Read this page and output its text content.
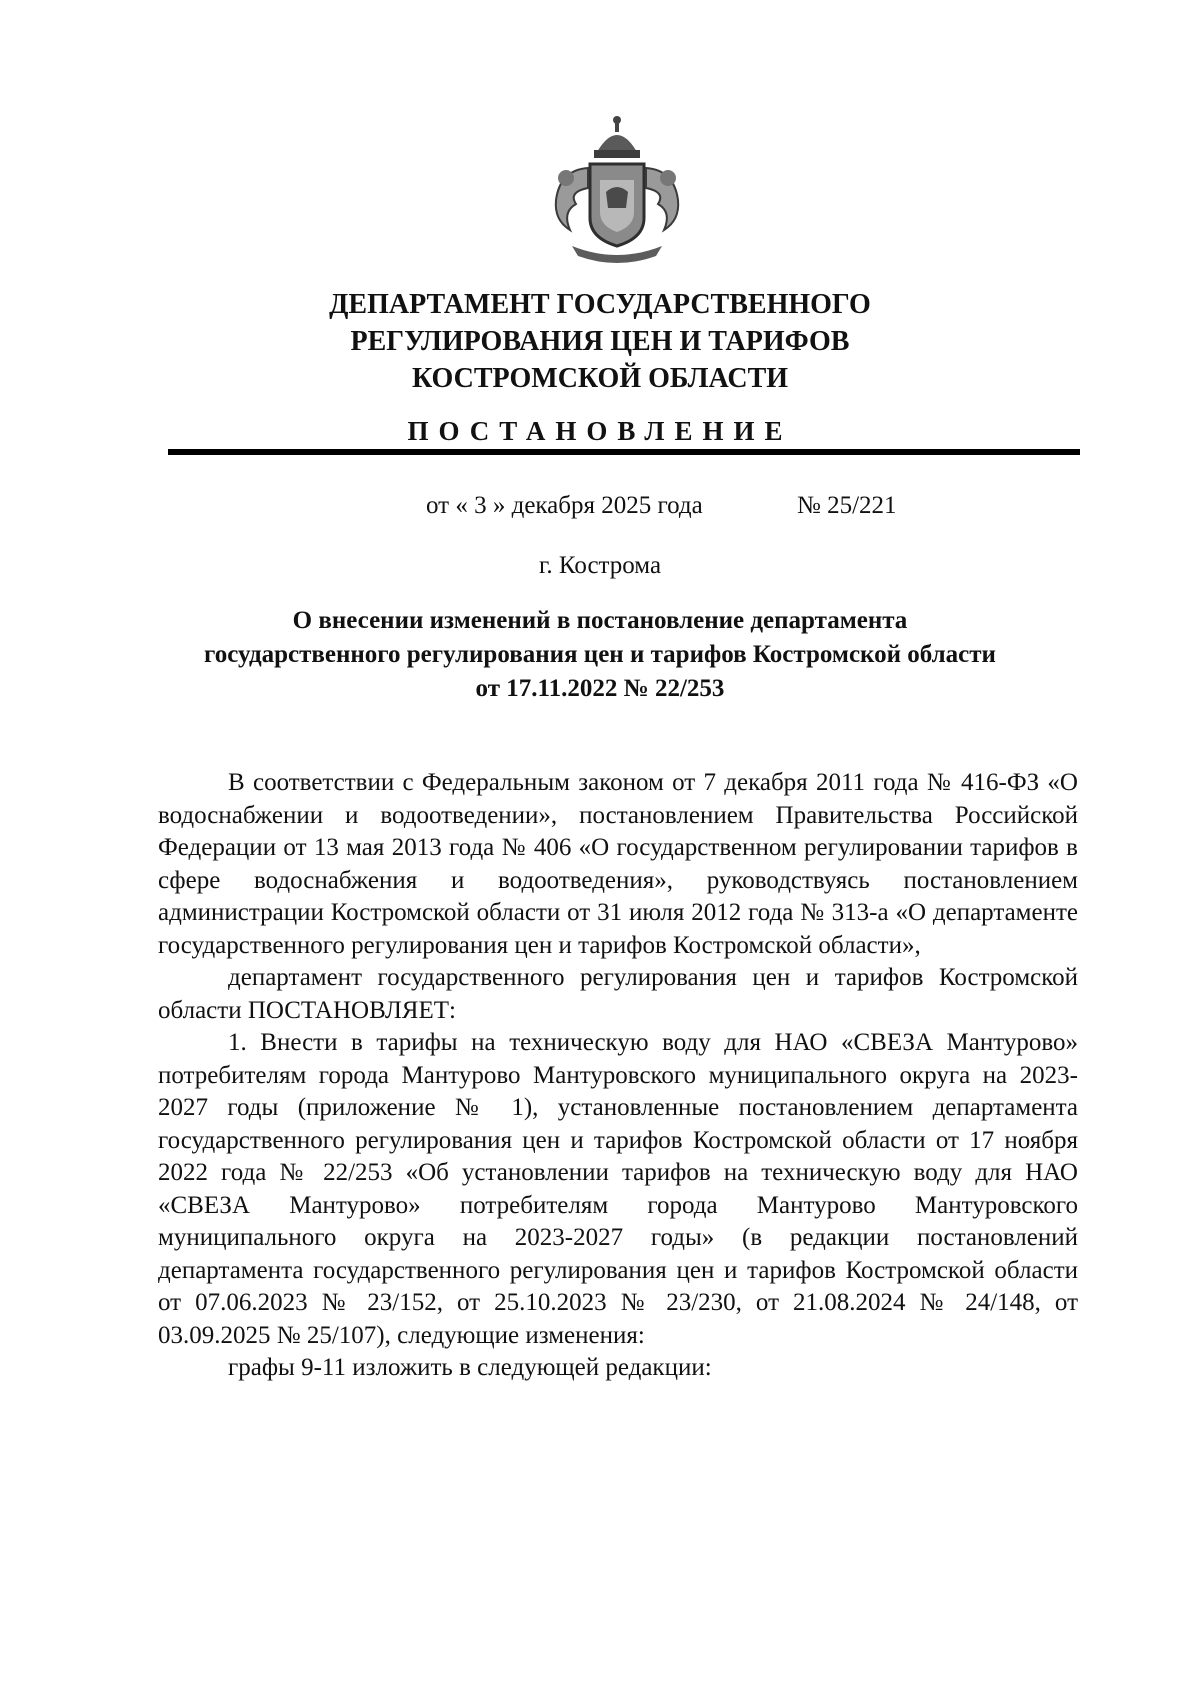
ДЕПАРТАМЕНТ ГОСУДАРСТВЕННОГО
РЕГУЛИРОВАНИЯ ЦЕН И ТАРИФОВ
КОСТРОМСКОЙ ОБЛАСТИ
ПОСТАНОВЛЕНИЕ
от « 3 » декабря 2025 года	№ 25/221
г. Кострома
О внесении изменений в постановление департамента
государственного регулирования цен и тарифов Костромской области
от 17.11.2022 № 22/253

В соответствии с Федеральным законом от 7 декабря 2011 года № 416-ФЗ «О водоснабжении и водоотведении», постановлением Правительства Российской Федерации от 13 мая 2013 года № 406 «О государственном регулировании тарифов в сфере водоснабжения и водоотведения», руководствуясь постановлением администрации Костромской области от 31 июля 2012 года № 313-а «О департаменте государственного регулирования цен и тарифов Костромской области»,

департамент государственного регулирования цен и тарифов Костромской области ПОСТАНОВЛЯЕТ:

1. Внести в тарифы на техническую воду для НАО «СВЕЗА Мантурово» потребителям города Мантурово Мантуровского муниципального округа на 2023-2027 годы (приложение № 1), установленные постановлением департамента государственного регулирования цен и тарифов Костромской области от 17 ноября 2022 года № 22/253 «Об установлении тарифов на техническую воду для НАО «СВЕЗА Мантурово» потребителям города Мантурово Мантуровского муниципального округа на 2023-2027 годы» (в редакции постановлений департамента государственного регулирования цен и тарифов Костромской области от 07.06.2023 № 23/152, от 25.10.2023 № 23/230, от 21.08.2024 № 24/148, от 03.09.2025 № 25/107), следующие изменения:

графы 9-11 изложить в следующей редакции:
